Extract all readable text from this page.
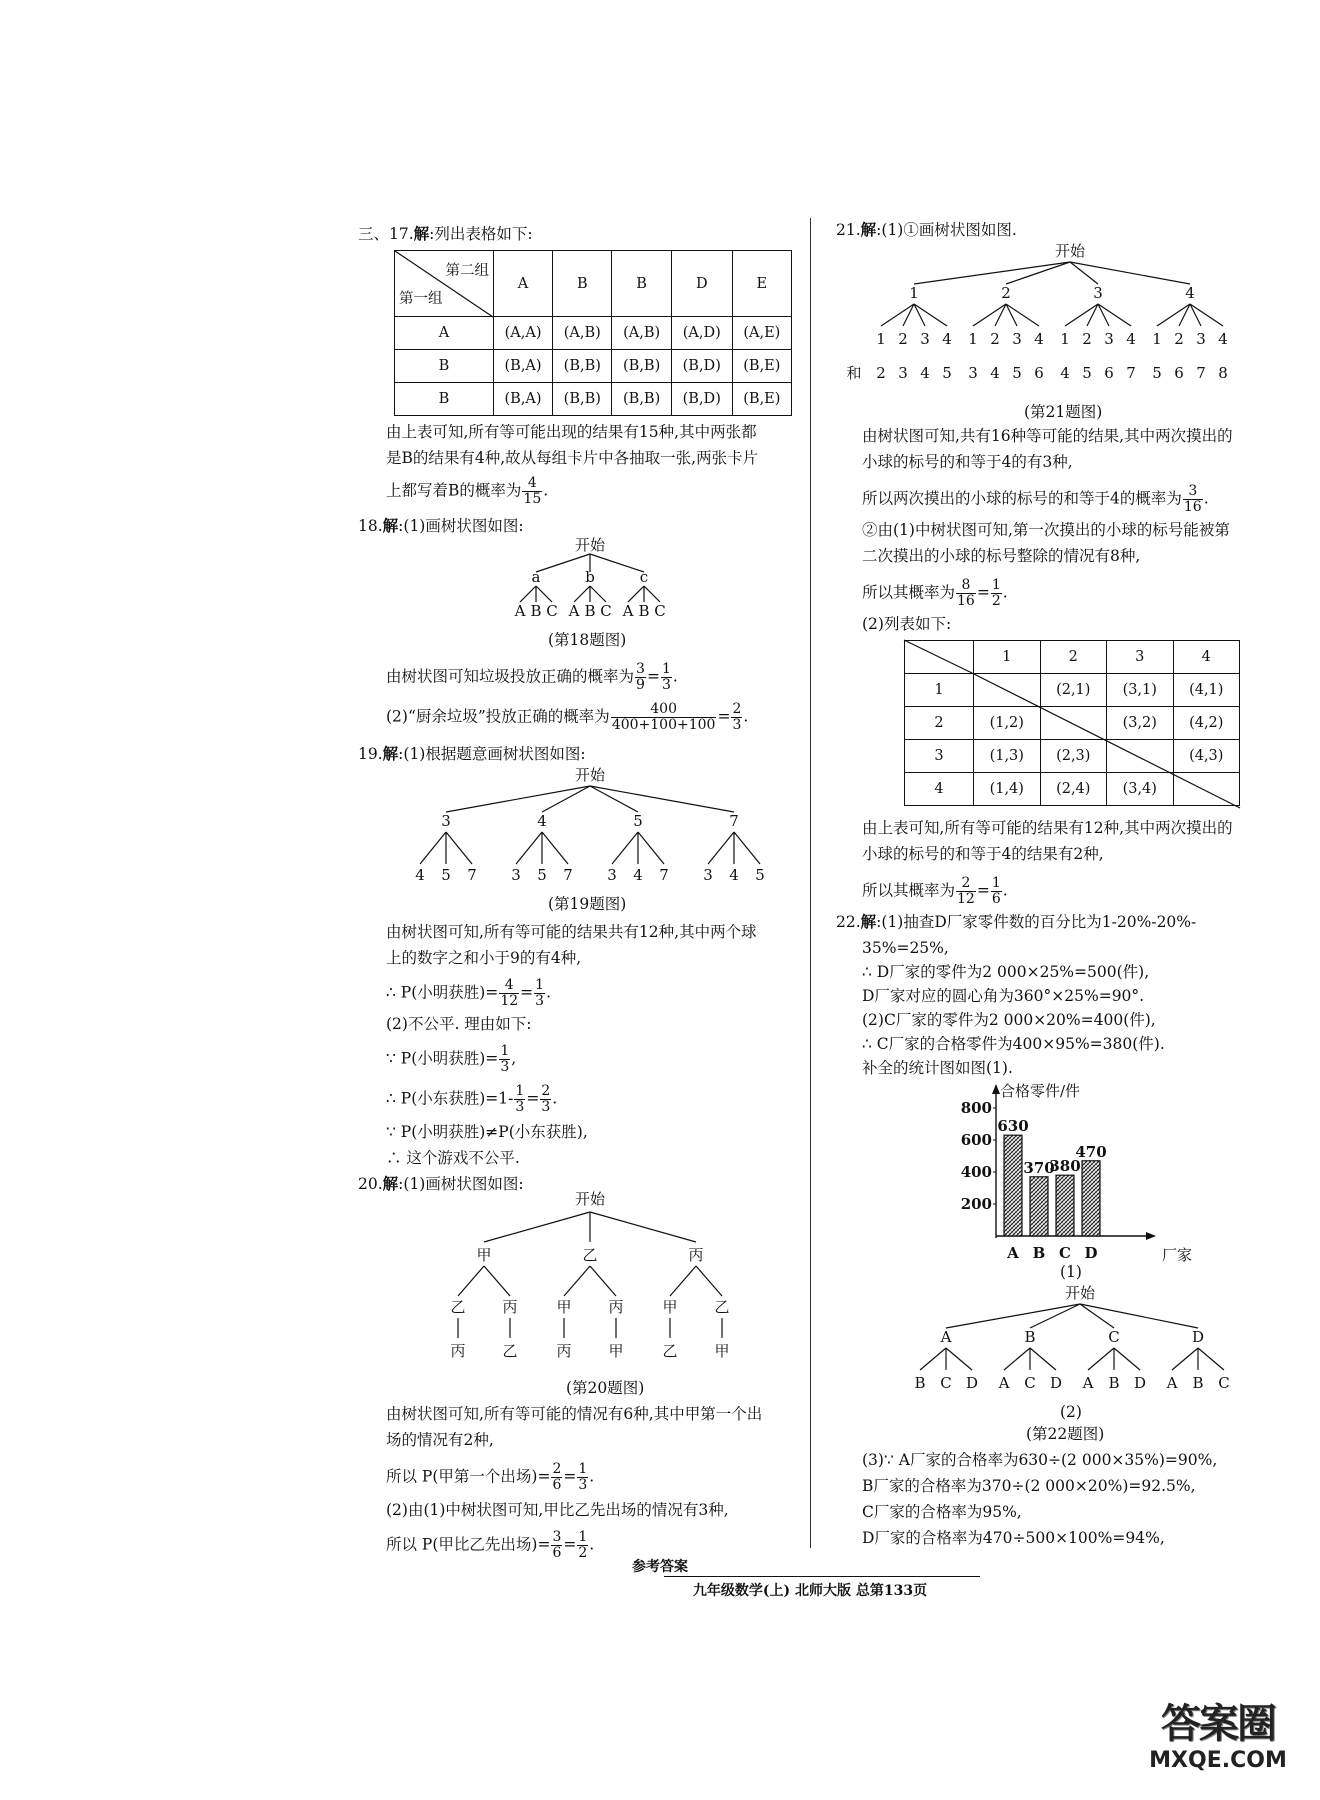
三、17.解:列出表格如下:
第二组
第一组	A	B	B	D	E
A	(A,A)	(A,B)	(A,B)	(A,D)	(A,E)
B	(B,A)	(B,B)	(B,B)	(B,D)	(B,E)
B	(B,A)	(B,B)	(B,B)	(B,D)	(B,E)
由上表可知,所有等可能出现的结果有15种,其中两张都
是B的结果有4种,故从每组卡片中各抽取一张,两张卡片
上都写着B的概率为 $\frac{4}{15}$ .
18.解:(1)画树状图如图:
开始
a
A B C
b
A B C
c
A B C
(第18题图)
由树状图可知垃圾投放正确的概率为 $\frac{3}{9} = \frac{1}{3}$ .
(2)“厨余垃圾”投放正确的概率为 $\frac{400}{400+100+100} = \frac{2}{3}$ .
19.解:(1)根据题意画树状图如图:
开始
3
4 5 7
4
3 5 7
5
3 4 7
7
3 4 5
(第19题图)
由树状图可知,所有等可能的结果共有12种,其中两个球
上的数字之和小于9的有4种,
∴ P(小明获胜)= $\frac{4}{12} = \frac{1}{3}$ .
(2)不公平. 理由如下:
∵ P(小明获胜)= $\frac{1}{3}$ ,
∴ P(小东获胜)$=1- \frac{1}{3} = \frac{2}{3}$ .
∵ P(小明获胜)≠P(小东获胜),
∴ 这个游戏不公平.
20.解:(1)画树状图如图:
开始
甲
乙
丙
丙
乙
乙
甲
丙
丙
甲
丙
甲
乙
乙
甲
(第20题图)
由树状图可知,所有等可能的情况有6种,其中甲第一个出
场的情况有2种,
所以 P(甲第一个出场)= $\frac{2}{6} = \frac{1}{3}$ .
(2)由(1)中树状图可知,甲比乙先出场的情况有3种,
所以 P(甲比乙先出场)= $\frac{3}{6} = \frac{1}{2}$ .
21.解:(1)①画树状图如图.
开始
1
1
2
2
3
3
4
4
5
2
1
3
2
4
3
5
4
6
3
1
4
2
5
3
6
4
7
4
1
5
2
6
3
7
4
8
和
(第21题图)
由树状图可知,共有16种等可能的结果,其中两次摸出的
小球的标号的和等于4的有3种,
所以两次摸出的小球的标号的和等于4的概率为 $\frac{3}{16}$ .
②由(1)中树状图可知,第一次摸出的小球的标号能被第
二次摸出的小球的标号整除的情况有8种,
所以其概率为 $\frac{8}{16} = \frac{1}{2}$ .
(2)列表如下:
	1	2	3	4
1		(2,1)	(3,1)	(4,1)
2	(1,2)		(3,2)	(4,2)
3	(1,3)	(2,3)		(4,3)
4	(1,4)	(2,4)	(3,4)	
由上表可知,所有等可能的结果有12种,其中两次摸出的
小球的标号的和等于4的结果有2种,
所以其概率为 $\frac{2}{12} = \frac{1}{6}$ .
22.解:(1)抽查D厂家零件数的百分比为1-20%-20%-
35%=25%,
∴ D厂家的零件为2 000×25%=500(件),
D厂家对应的圆心角为360°×25%=90°.
(2)C厂家的零件为2 000×20%=400(件),
∴ C厂家的合格零件为400×95%=380(件).
补全的统计图如图(1).
合格零件/件
厂家
200
400
600
800
630
A
370
B
380
C
470
D
(1)
开始
A
B C D
B
A C D
C
A B D
D
A B C
(2)
(第22题图)
(3)∵ A厂家的合格率为630÷(2 000×35%)=90%,
B厂家的合格率为370÷(2 000×20%)=92.5%,
C厂家的合格率为95%,
D厂家的合格率为470÷500×100%=94%,
参考答案
九年级数学(上) 北师大版 总第133页
答案圈
MXQE.COM
